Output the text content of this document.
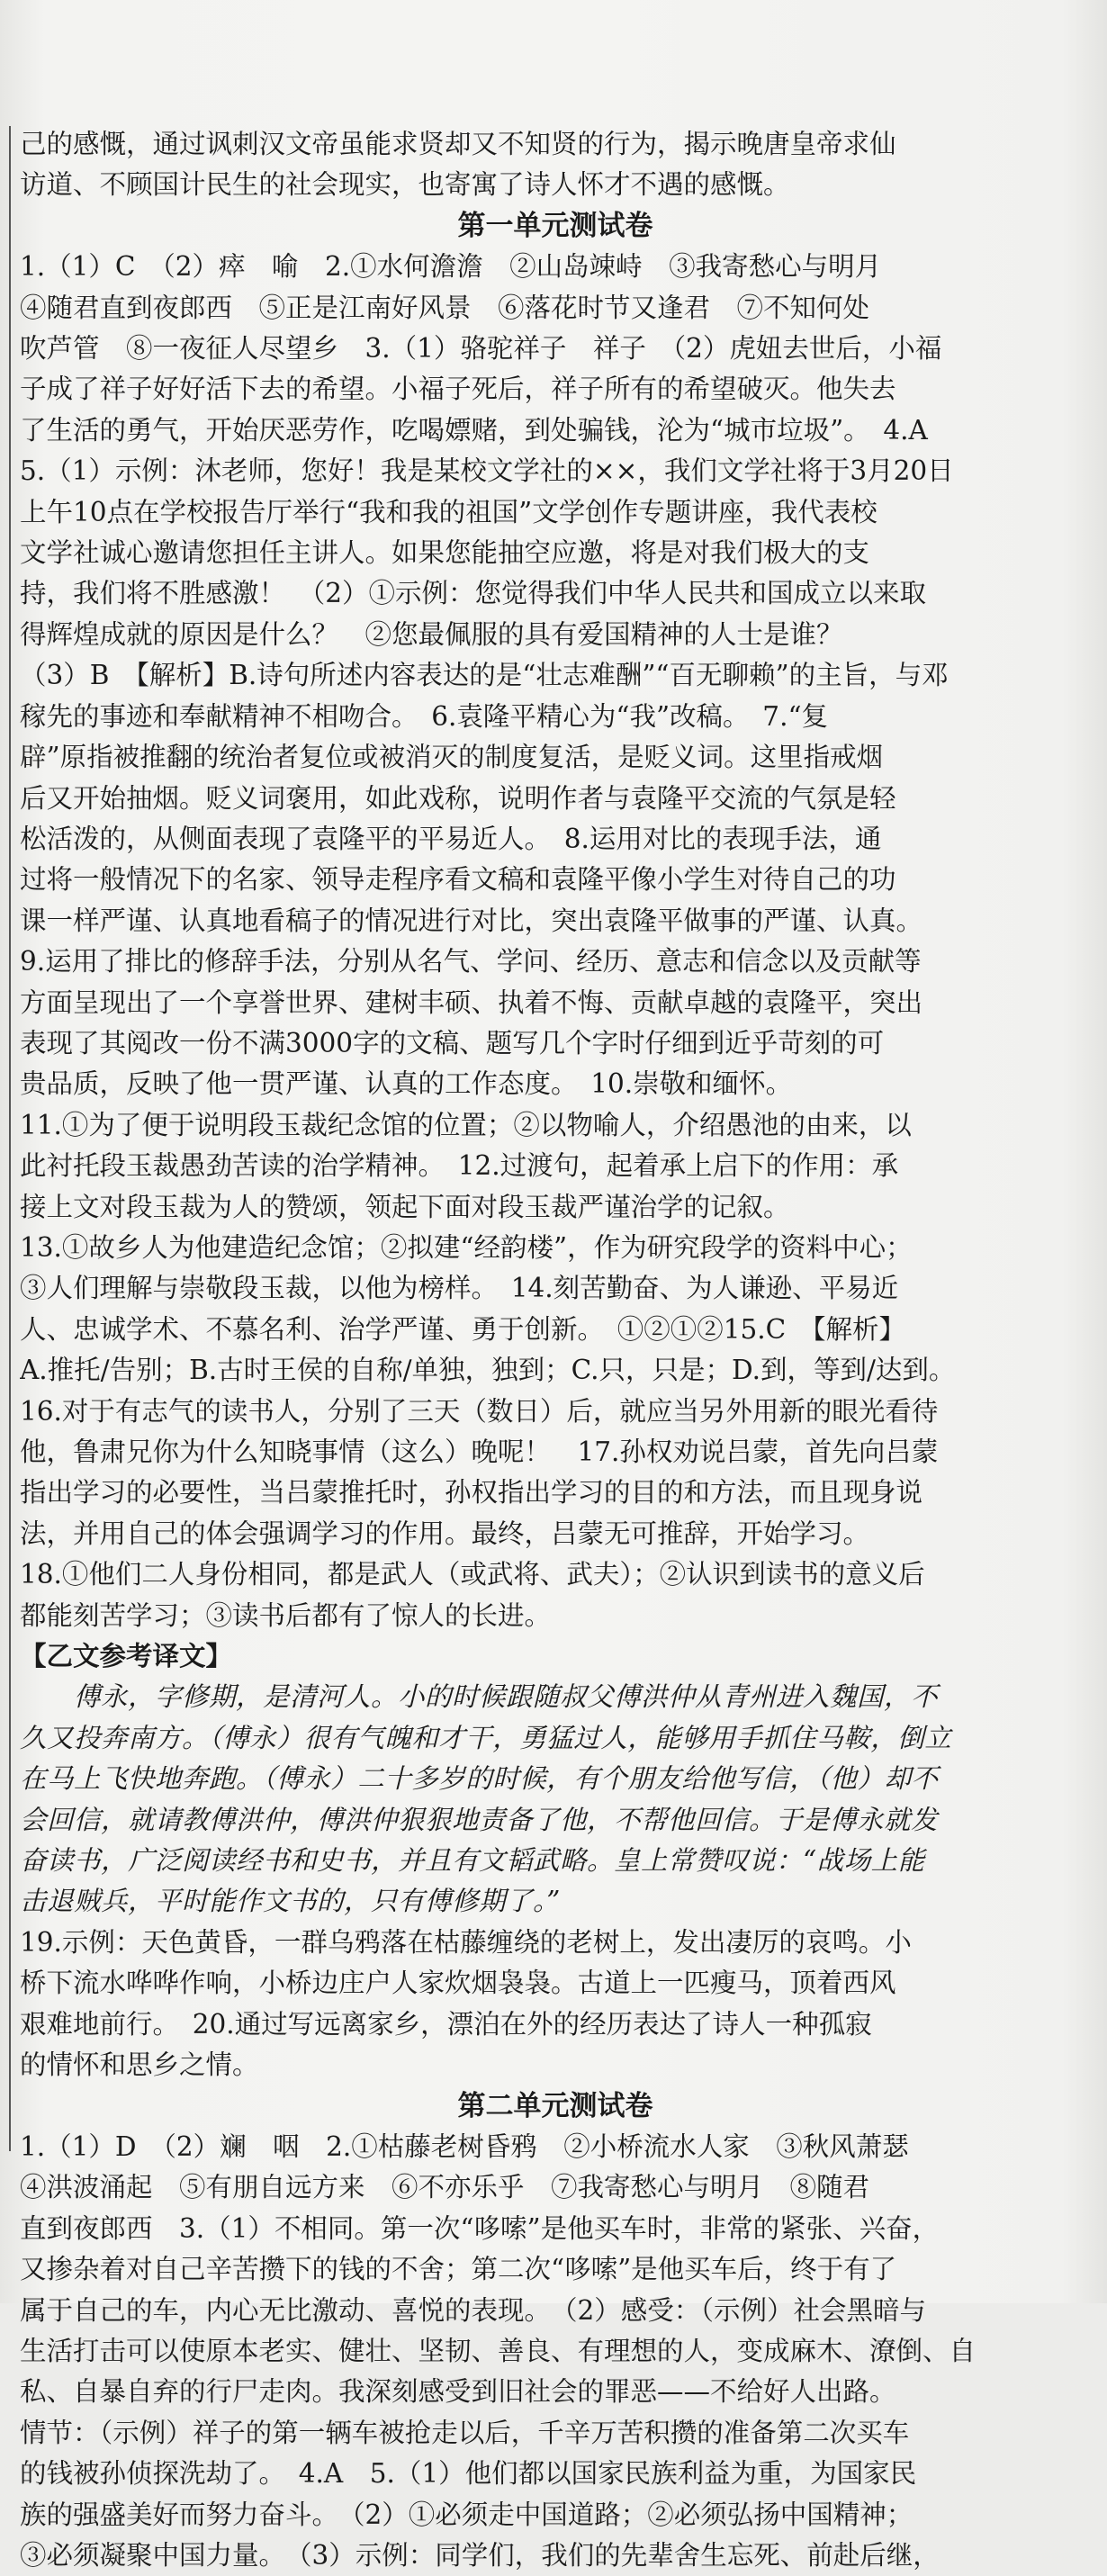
己的感慨，通过讽刺汉文帝虽能求贤却又不知贤的行为，揭示晚唐皇帝求仙
访道、不顾国计民生的社会现实，也寄寓了诗人怀才不遇的感慨。
第一单元测试卷
1.（1）C　（2）瘁　喻　2.①水何澹澹　②山岛竦峙　③我寄愁心与明月
④随君直到夜郎西　⑤正是江南好风景　⑥落花时节又逢君　⑦不知何处
吹芦管　⑧一夜征人尽望乡　3.（1）骆驼祥子　祥子　（2）虎妞去世后，小福
子成了祥子好好活下去的希望。小福子死后，祥子所有的希望破灭。他失去
了生活的勇气，开始厌恶劳作，吃喝嫖赌，到处骗钱，沦为“城市垃圾”。　4.A
5.（1）示例：沐老师，您好！我是某校文学社的××，我们文学社将于3月20日
上午10点在学校报告厅举行“我和我的祖国”文学创作专题讲座，我代表校
文学社诚心邀请您担任主讲人。如果您能抽空应邀，将是对我们极大的支
持，我们将不胜感激！　（2）①示例：您觉得我们中华人民共和国成立以来取
得辉煌成就的原因是什么？　②您最佩服的具有爱国精神的人士是谁？
（3）B　【解析】B.诗句所述内容表达的是“壮志难酬”“百无聊赖”的主旨，与邓
稼先的事迹和奉献精神不相吻合。　6.袁隆平精心为“我”改稿。　7.“复
辟”原指被推翻的统治者复位或被消灭的制度复活，是贬义词。这里指戒烟
后又开始抽烟。贬义词褒用，如此戏称，说明作者与袁隆平交流的气氛是轻
松活泼的，从侧面表现了袁隆平的平易近人。　8.运用对比的表现手法，通
过将一般情况下的名家、领导走程序看文稿和袁隆平像小学生对待自己的功
课一样严谨、认真地看稿子的情况进行对比，突出袁隆平做事的严谨、认真。
9.运用了排比的修辞手法，分别从名气、学问、经历、意志和信念以及贡献等
方面呈现出了一个享誉世界、建树丰硕、执着不悔、贡献卓越的袁隆平，突出
表现了其阅改一份不满3000字的文稿、题写几个字时仔细到近乎苛刻的可
贵品质，反映了他一贯严谨、认真的工作态度。　10.崇敬和缅怀。
11.①为了便于说明段玉裁纪念馆的位置；②以物喻人，介绍愚池的由来，以
此衬托段玉裁愚劲苦读的治学精神。　12.过渡句，起着承上启下的作用：承
接上文对段玉裁为人的赞颂，领起下面对段玉裁严谨治学的记叙。
13.①故乡人为他建造纪念馆；②拟建“经韵楼”，作为研究段学的资料中心；
③人们理解与崇敬段玉裁，以他为榜样。　14.刻苦勤奋、为人谦逊、平易近
人、忠诚学术、不慕名利、治学严谨、勇于创新。　①②①②15.C　【解析】
A.推托/告别；B.古时王侯的自称/单独，独到；C.只，只是；D.到，等到/达到。
16.对于有志气的读书人，分别了三天（数日）后，就应当另外用新的眼光看待
他，鲁肃兄你为什么知晓事情（这么）晚呢！　17.孙权劝说吕蒙，首先向吕蒙
指出学习的必要性，当吕蒙推托时，孙权指出学习的目的和方法，而且现身说
法，并用自己的体会强调学习的作用。最终，吕蒙无可推辞，开始学习。
18.①他们二人身份相同，都是武人（或武将、武夫）；②认识到读书的意义后
都能刻苦学习；③读书后都有了惊人的长进。
【乙文参考译文】
傅永，字修期，是清河人。小的时候跟随叔父傅洪仲从青州进入魏国，不
久又投奔南方。（傅永）很有气魄和才干，勇猛过人，能够用手抓住马鞍，倒立
在马上飞快地奔跑。（傅永）二十多岁的时候，有个朋友给他写信，（他）却不
会回信，就请教傅洪仲，傅洪仲狠狠地责备了他，不帮他回信。于是傅永就发
奋读书，广泛阅读经书和史书，并且有文韬武略。皇上常赞叹说：“战场上能
击退贼兵，平时能作文书的，只有傅修期了。”
19.示例：天色黄昏，一群乌鸦落在枯藤缠绕的老树上，发出凄厉的哀鸣。小
桥下流水哗哗作响，小桥边庄户人家炊烟袅袅。古道上一匹瘦马，顶着西风
艰难地前行。　20.通过写远离家乡，漂泊在外的经历表达了诗人一种孤寂
的情怀和思乡之情。
第二单元测试卷
1.（1）D　（2）斓　咽　2.①枯藤老树昏鸦　②小桥流水人家　③秋风萧瑟
④洪波涌起　⑤有朋自远方来　⑥不亦乐乎　⑦我寄愁心与明月　⑧随君
直到夜郎西　3.（1）不相同。第一次“哆嗦”是他买车时，非常的紧张、兴奋，
又掺杂着对自己辛苦攒下的钱的不舍；第二次“哆嗦”是他买车后，终于有了
属于自己的车，内心无比激动、喜悦的表现。　（2）感受：（示例）社会黑暗与
生活打击可以使原本老实、健壮、坚韧、善良、有理想的人，变成麻木、潦倒、自
私、自暴自弃的行尸走肉。我深刻感受到旧社会的罪恶——不给好人出路。
情节：（示例）祥子的第一辆车被抢走以后，千辛万苦积攒的准备第二次买车
的钱被孙侦探洗劫了。　4.A　5.（1）他们都以国家民族利益为重，为国家民
族的强盛美好而努力奋斗。　（2）①必须走中国道路；②必须弘扬中国精神；
③必须凝聚中国力量。　（3）示例：同学们，我们的先辈舍生忘死、前赴后继，
